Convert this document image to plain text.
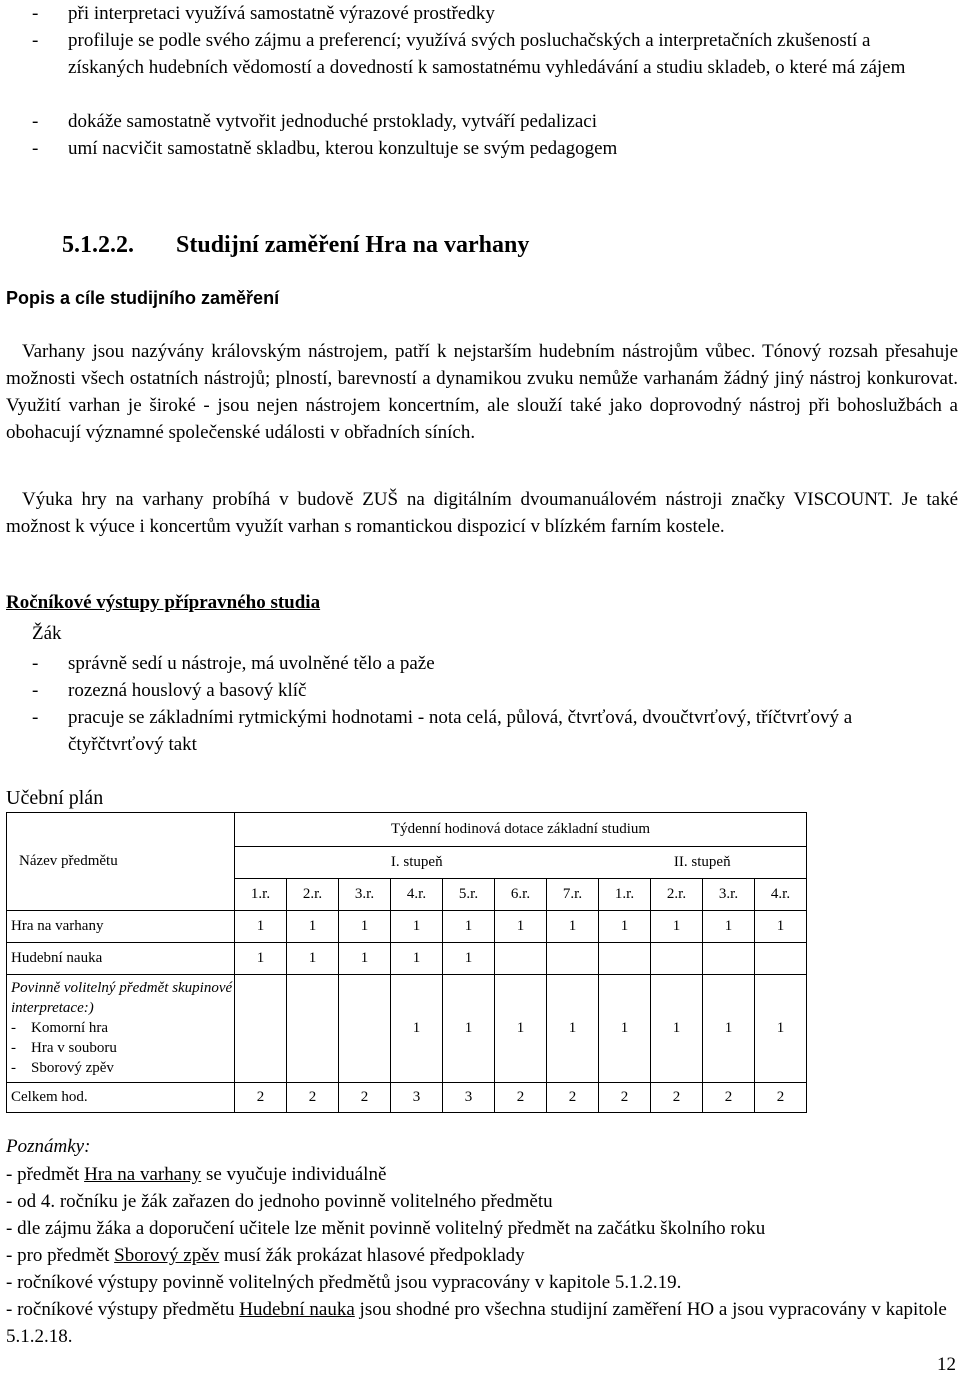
- při interpretaci využívá samostatně výrazové prostředky
- profiluje se podle svého zájmu a preferencí; využívá svých posluchačských a interpretačních zkušeností a získaných hudebních vědomostí a dovedností k samostatnému vyhledávání a studiu skladeb, o které má zájem
- dokáže samostatně vytvořit jednoduché prstoklady, vytváří pedalizaci
- umí nacvičit samostatně skladbu, kterou konzultuje se svým pedagogem
5.1.2.2. Studijní zaměření Hra na varhany
Popis a cíle studijního zaměření
Varhany jsou nazývány královským nástrojem, patří k nejstarším hudebním nástrojům vůbec. Tónový rozsah přesahuje možnosti všech ostatních nástrojů; plností, barevností a dynamikou zvuku nemůže varhanám žádný jiný nástroj konkurovat. Využití varhan je široké - jsou nejen nástrojem koncertním, ale slouží také jako doprovodný nástroj při bohoslužbách a obohacují významné společenské události v obřadních síních.
Výuka hry na varhany probíhá v budově ZUŠ na digitálním dvoumanuálovém nástroji značky VISCOUNT. Je také možnost k výuce i koncertům využít varhan s romantickou dispozicí v blízkém farním kostele.
Ročníkové výstupy přípravného studia
Žák
- správně sedí u nástroje, má uvolněné tělo a paže
- rozezná houslový a basový klíč
- pracuje se základními rytmickými hodnotami - nota celá, půlová, čtvrťová, dvoučtvrťový, tříčtvrťový a čtyřčtvrťový takt
Učební plán
Název předmětu	Týdenní hodinová dotace základní studium										
	I. stupeň							II. stupeň			
	1.r.	2.r.	3.r.	4.r.	5.r.	6.r.	7.r.	1.r.	2.r.	3.r.	4.r.
Hra na varhany	1	1	1	1	1	1	1	1	1	1	1
Hudební nauka	1	1	1	1	1						

Povinně volitelný předmět skupinové interpretace:)
- Komorní hra
- Hra v souboru
- Sborový zpěv				1	1	1	1	1	1	1	1
Celkem hod.	2	2	2	3	3	2	2	2	2	2	2
Poznámky:
- předmět Hra na varhany se vyučuje individuálně
- od 4. ročníku je žák zařazen do jednoho povinně volitelného předmětu
- dle zájmu žáka a doporučení učitele lze měnit povinně volitelný předmět na začátku školního roku
- pro předmět Sborový zpěv musí žák prokázat hlasové předpoklady
- ročníkové výstupy povinně volitelných předmětů jsou vypracovány v kapitole 5.1.2.19.
- ročníkové výstupy předmětu Hudební nauka jsou shodné pro všechna studijní zaměření HO a jsou vypracovány v kapitole 5.1.2.18.
12
